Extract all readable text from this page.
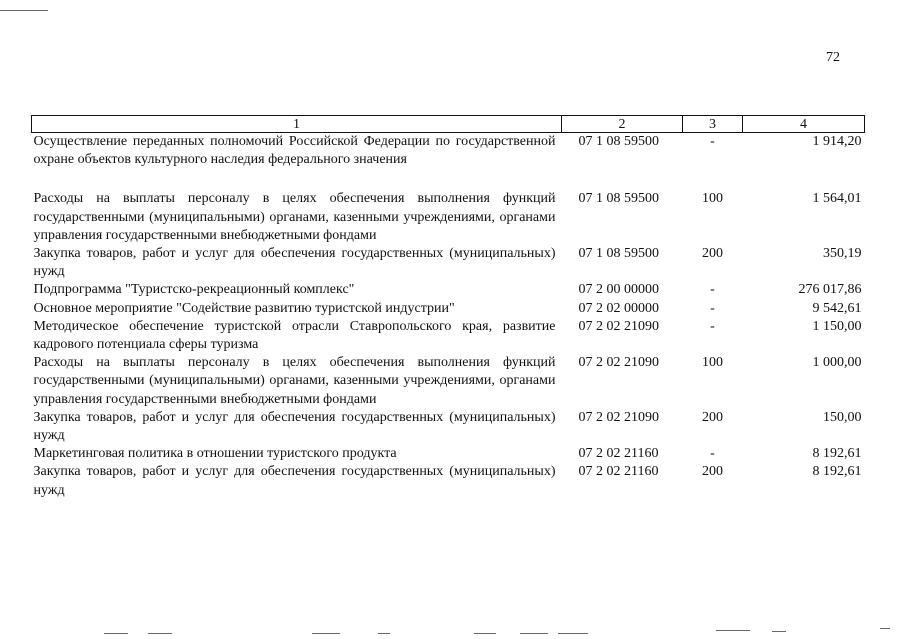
72
1	2	3	4
Осуществление переданных полномочий Российской Федерации по государственной охране объектов культурного наследия федерального значения	07 1 08 59500	-	1 914,20
Расходы на выплаты персоналу в целях обеспечения выполнения функций государственными (муниципальными) органами, казенными учреждениями, органами управления государственными внебюджетными фондами	07 1 08 59500	100	1 564,01
Закупка товаров, работ и услуг для обеспечения государственных (муниципальных) нужд	07 1 08 59500	200	350,19
Подпрограмма "Туристско-рекреационный комплекс"	07 2 00 00000	-	276 017,86
Основное мероприятие "Содействие развитию туристской индустрии"	07 2 02 00000	-	9 542,61
Методическое обеспечение туристской отрасли Ставропольского края, развитие кадрового потенциала сферы туризма	07 2 02 21090	-	1 150,00
Расходы на выплаты персоналу в целях обеспечения выполнения функций государственными (муниципальными) органами, казенными учреждениями, органами управления государственными внебюджетными фондами	07 2 02 21090	100	1 000,00
Закупка товаров, работ и услуг для обеспечения государственных (муниципальных) нужд	07 2 02 21090	200	150,00
Маркетинговая политика в отношении туристского продукта	07 2 02 21160	-	8 192,61
Закупка товаров, работ и услуг для обеспечения государственных (муниципальных) нужд	07 2 02 21160	200	8 192,61
